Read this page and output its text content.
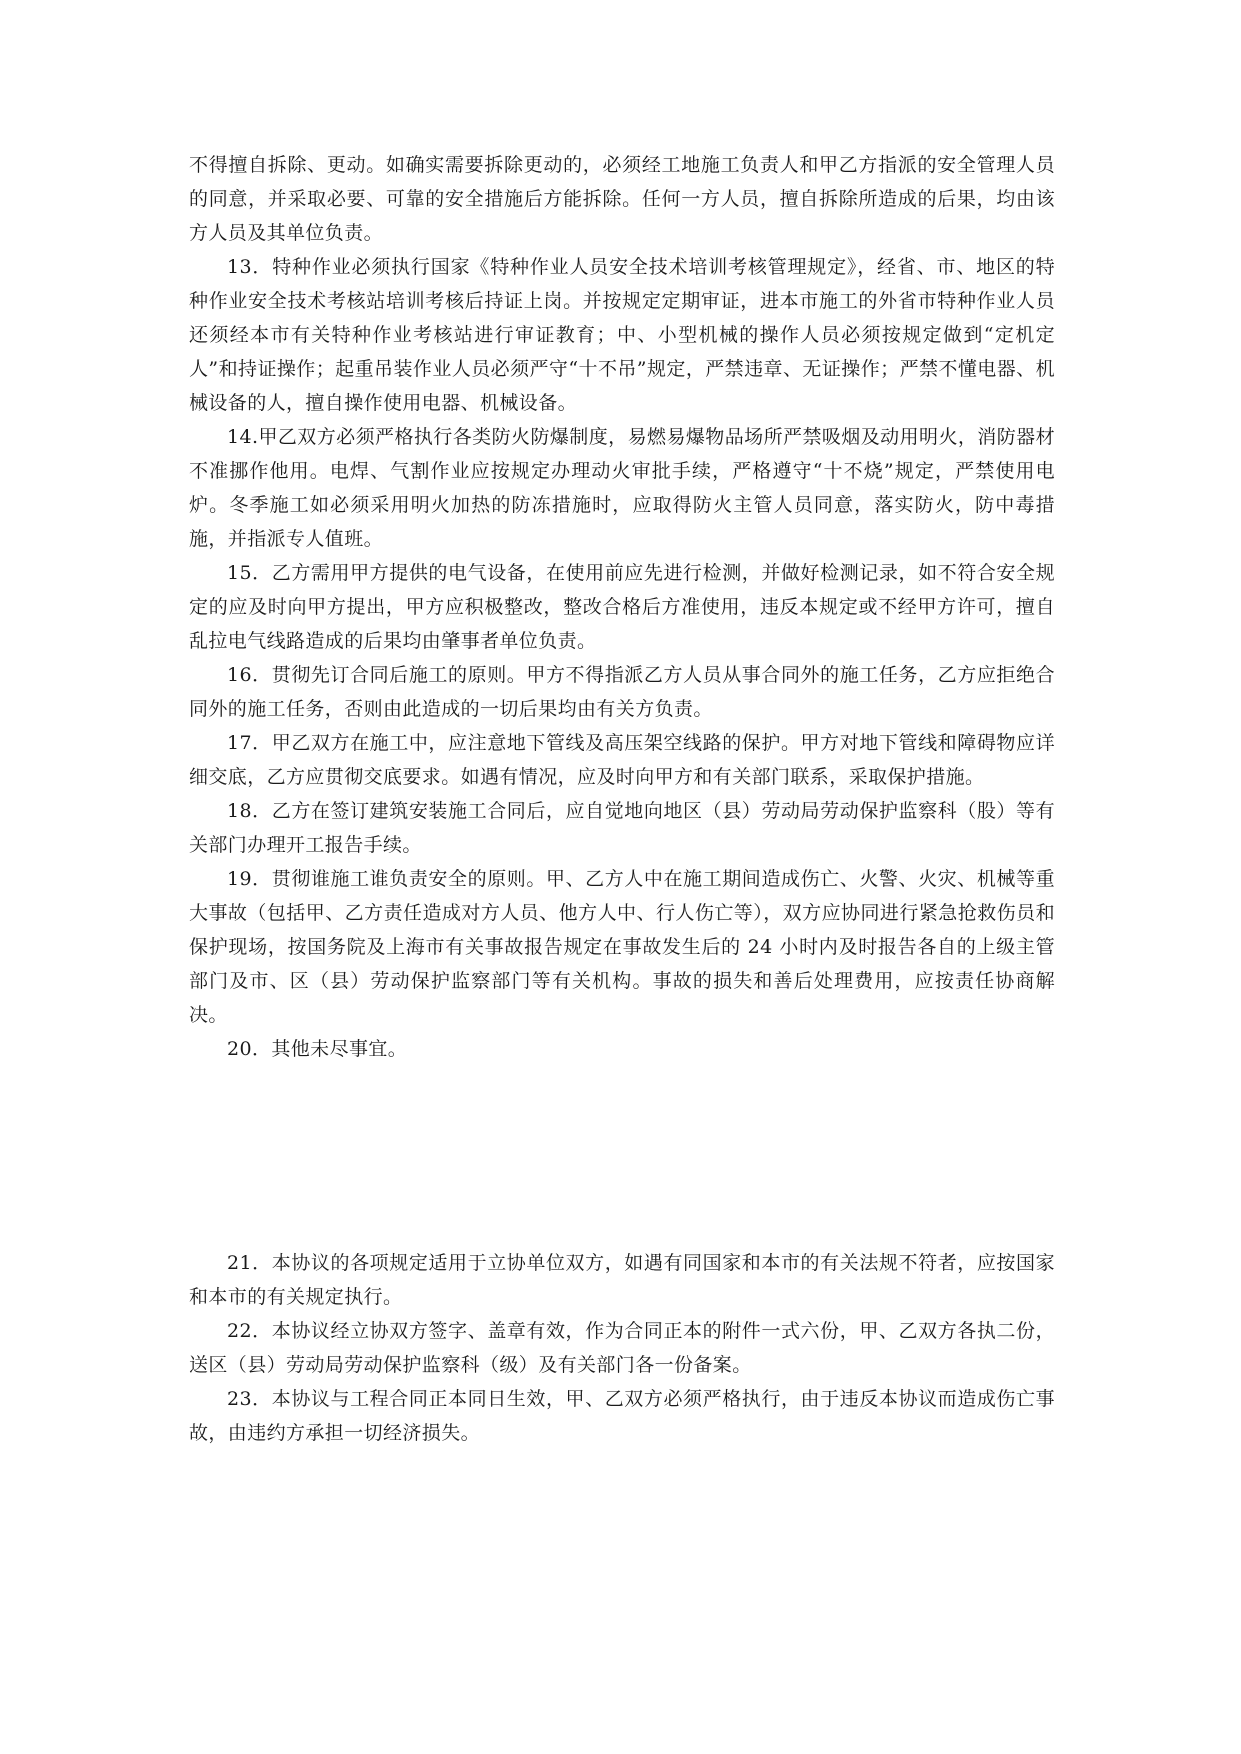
不得擅自拆除、更动。如确实需要拆除更动的，必须经工地施工负责人和甲乙方指派的安全管理人员的同意，并采取必要、可靠的安全措施后方能拆除。任何一方人员，擅自拆除所造成的后果，均由该方人员及其单位负责。

13．特种作业必须执行国家《特种作业人员安全技术培训考核管理规定》，经省、市、地区的特种作业安全技术考核站培训考核后持证上岗。并按规定定期审证，进本市施工的外省市特种作业人员还须经本市有关特种作业考核站进行审证教育；中、小型机械的操作人员必须按规定做到“定机定人”和持证操作；起重吊装作业人员必须严守“十不吊”规定，严禁违章、无证操作；严禁不懂电器、机械设备的人，擅自操作使用电器、机械设备。

14.甲乙双方必须严格执行各类防火防爆制度，易燃易爆物品场所严禁吸烟及动用明火，消防器材不准挪作他用。电焊、气割作业应按规定办理动火审批手续，严格遵守“十不烧”规定，严禁使用电炉。冬季施工如必须采用明火加热的防冻措施时，应取得防火主管人员同意，落实防火，防中毒措施，并指派专人值班。

15．乙方需用甲方提供的电气设备，在使用前应先进行检测，并做好检测记录，如不符合安全规定的应及时向甲方提出，甲方应积极整改，整改合格后方准使用，违反本规定或不经甲方许可，擅自乱拉电气线路造成的后果均由肇事者单位负责。

16．贯彻先订合同后施工的原则。甲方不得指派乙方人员从事合同外的施工任务，乙方应拒绝合同外的施工任务，否则由此造成的一切后果均由有关方负责。

17．甲乙双方在施工中，应注意地下管线及高压架空线路的保护。甲方对地下管线和障碍物应详细交底，乙方应贯彻交底要求。如遇有情况，应及时向甲方和有关部门联系，采取保护措施。

18．乙方在签订建筑安装施工合同后，应自觉地向地区（县）劳动局劳动保护监察科（股）等有关部门办理开工报告手续。

19．贯彻谁施工谁负责安全的原则。甲、乙方人中在施工期间造成伤亡、火警、火灾、机械等重大事故（包括甲、乙方责任造成对方人员、他方人中、行人伤亡等），双方应协同进行紧急抢救伤员和保护现场，按国务院及上海市有关事故报告规定在事故发生后的 24 小时内及时报告各自的上级主管部门及市、区（县）劳动保护监察部门等有关机构。事故的损失和善后处理费用，应按责任协商解决。

20．其他未尽事宜。

21．本协议的各项规定适用于立协单位双方，如遇有同国家和本市的有关法规不符者，应按国家和本市的有关规定执行。

22．本协议经立协双方签字、盖章有效，作为合同正本的附件一式六份，甲、乙双方各执二份，送区（县）劳动局劳动保护监察科（级）及有关部门各一份备案。

23．本协议与工程合同正本同日生效，甲、乙双方必须严格执行，由于违反本协议而造成伤亡事故，由违约方承担一切经济损失。
